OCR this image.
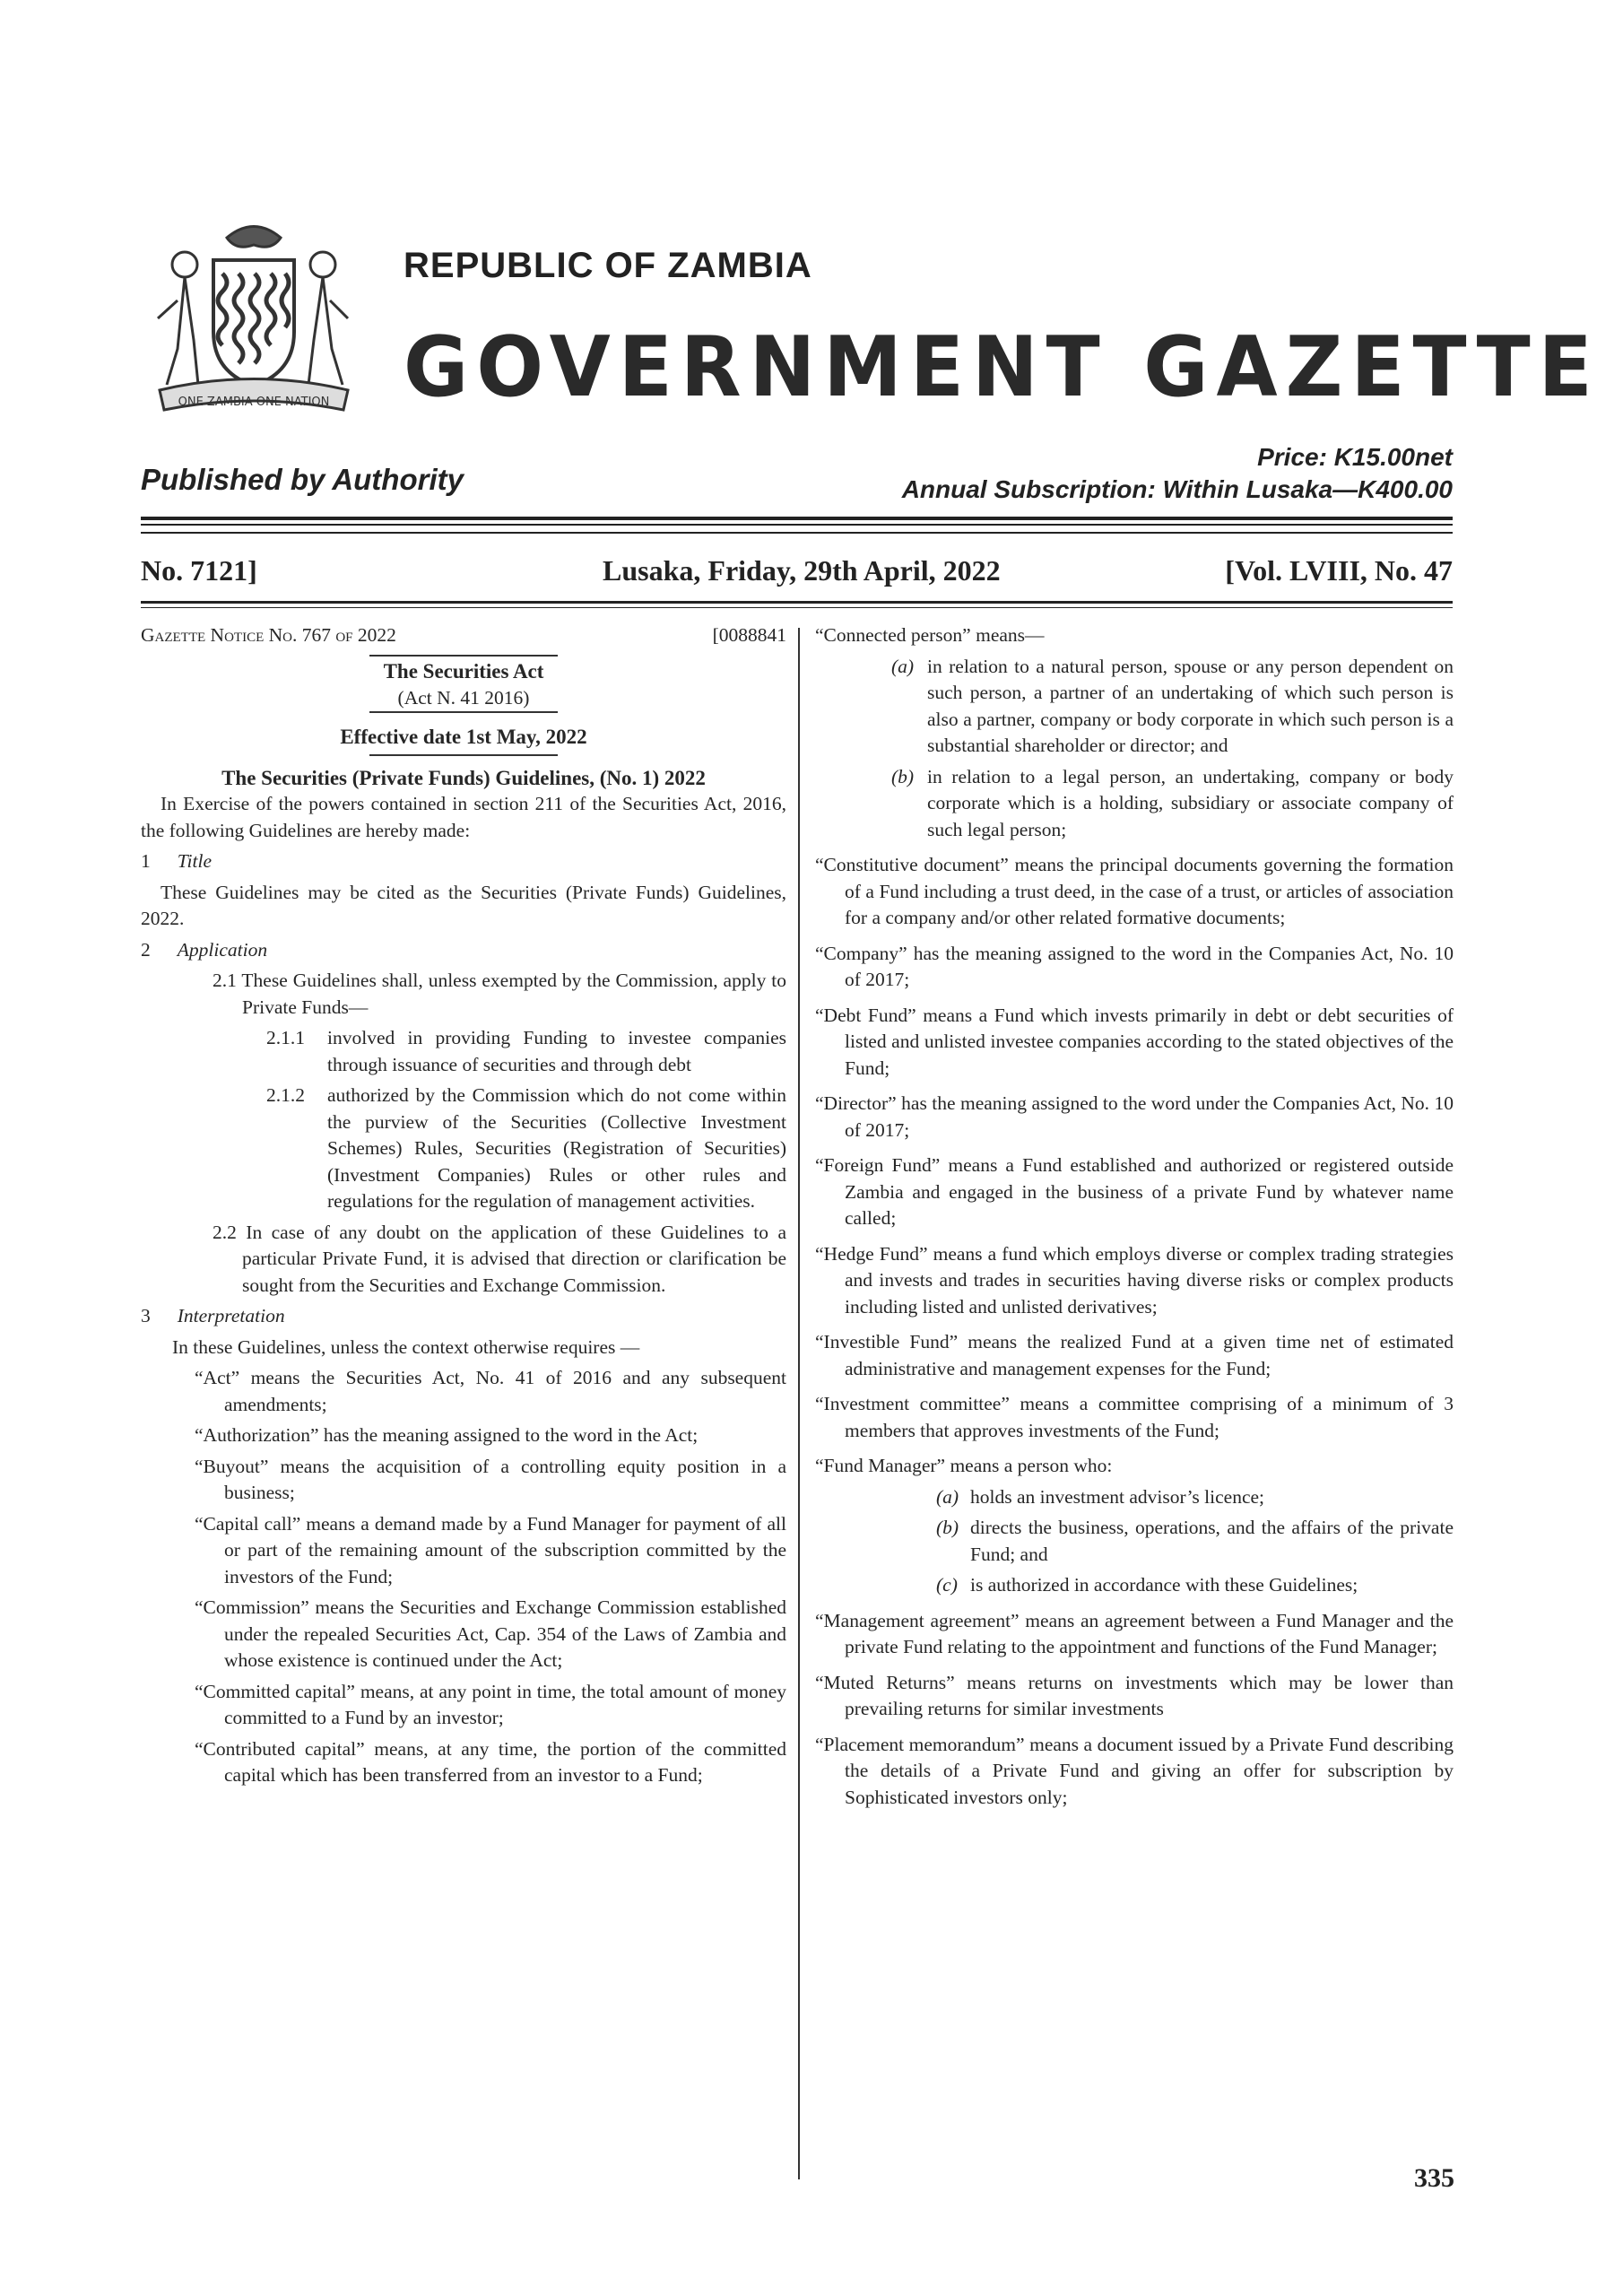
ONE ZAMBIA ONE NATION
REPUBLIC OF ZAMBIA
GOVERNMENT GAZETTE
Price: K15.00net
Annual Subscription: Within Lusaka—K400.00
Published by Authority
No. 7121]	Lusaka, Friday, 29th April, 2022	[Vol. LVIII, No. 47
Gazette Notice No. 767 of 2022	[0088841

The Securities Act

(Act N. 41 2016)

Effective date 1st May, 2022

The Securities (Private Funds) Guidelines, (No. 1) 2022

In Exercise of the powers contained in section 211 of the Securities Act, 2016, the following Guidelines are hereby made:

1 Title

These Guidelines may be cited as the Securities (Private Funds) Guidelines, 2022.

2 Application

2.1 These Guidelines shall, unless exempted by the Commission, apply to Private Funds—

2.1.1	involved in providing Funding to investee companies through issuance of securities and through debt
2.1.2	authorized by the Commission which do not come within the purview of the Securities (Collective Investment Schemes) Rules, Securities (Registration of Securities) (Investment Companies) Rules or other rules and regulations for the regulation of management activities.

2.2 In case of any doubt on the application of these Guidelines to a particular Private Fund, it is advised that direction or clarification be sought from the Securities and Exchange Commission.

3 Interpretation

In these Guidelines, unless the context otherwise requires —

“Act” means the Securities Act, No. 41 of 2016 and any subsequent amendments;

“Authorization” has the meaning assigned to the word in the Act;

“Buyout” means the acquisition of a controlling equity position in a business;

“Capital call” means a demand made by a Fund Manager for payment of all or part of the remaining amount of the subscription committed by the investors of the Fund;

“Commission” means the Securities and Exchange Commission established under the repealed Securities Act, Cap. 354 of the Laws of Zambia and whose existence is continued under the Act;

“Committed capital” means, at any point in time, the total amount of money committed to a Fund by an investor;

“Contributed capital” means, at any time, the portion of the committed capital which has been transferred from an investor to a Fund;

“Connected person” means—

(a) in relation to a natural person, spouse or any person dependent on such person, a partner of an undertaking of which such person is also a partner, company or body corporate in which such person is a substantial shareholder or director; and
(b) in relation to a legal person, an undertaking, company or body corporate which is a holding, subsidiary or associate company of such legal person;

“Constitutive document” means the principal documents governing the formation of a Fund including a trust deed, in the case of a trust, or articles of association for a company and/or other related formative documents;

“Company” has the meaning assigned to the word in the Companies Act, No. 10 of 2017;

“Debt Fund” means a Fund which invests primarily in debt or debt securities of listed and unlisted investee companies according to the stated objectives of the Fund;

“Director” has the meaning assigned to the word under the Companies Act, No. 10 of 2017;

“Foreign Fund” means a Fund established and authorized or registered outside Zambia and engaged in the business of a private Fund by whatever name called;

“Hedge Fund” means a fund which employs diverse or complex trading strategies and invests and trades in securities having diverse risks or complex products including listed and unlisted derivatives;

“Investible Fund” means the realized Fund at a given time net of estimated administrative and management expenses for the Fund;

“Investment committee” means a committee comprising of a minimum of 3 members that approves investments of the Fund;

“Fund Manager” means a person who:

(a) holds an investment advisor’s licence;
(b) directs the business, operations, and the affairs of the private Fund; and
(c) is authorized in accordance with these Guidelines;

“Management agreement” means an agreement between a Fund Manager and the private Fund relating to the appointment and functions of the Fund Manager;

“Muted Returns” means returns on investments which may be lower than prevailing returns for similar investments

“Placement memorandum” means a document issued by a Private Fund describing the details of a Private Fund and giving an offer for subscription by Sophisticated investors only;

335
